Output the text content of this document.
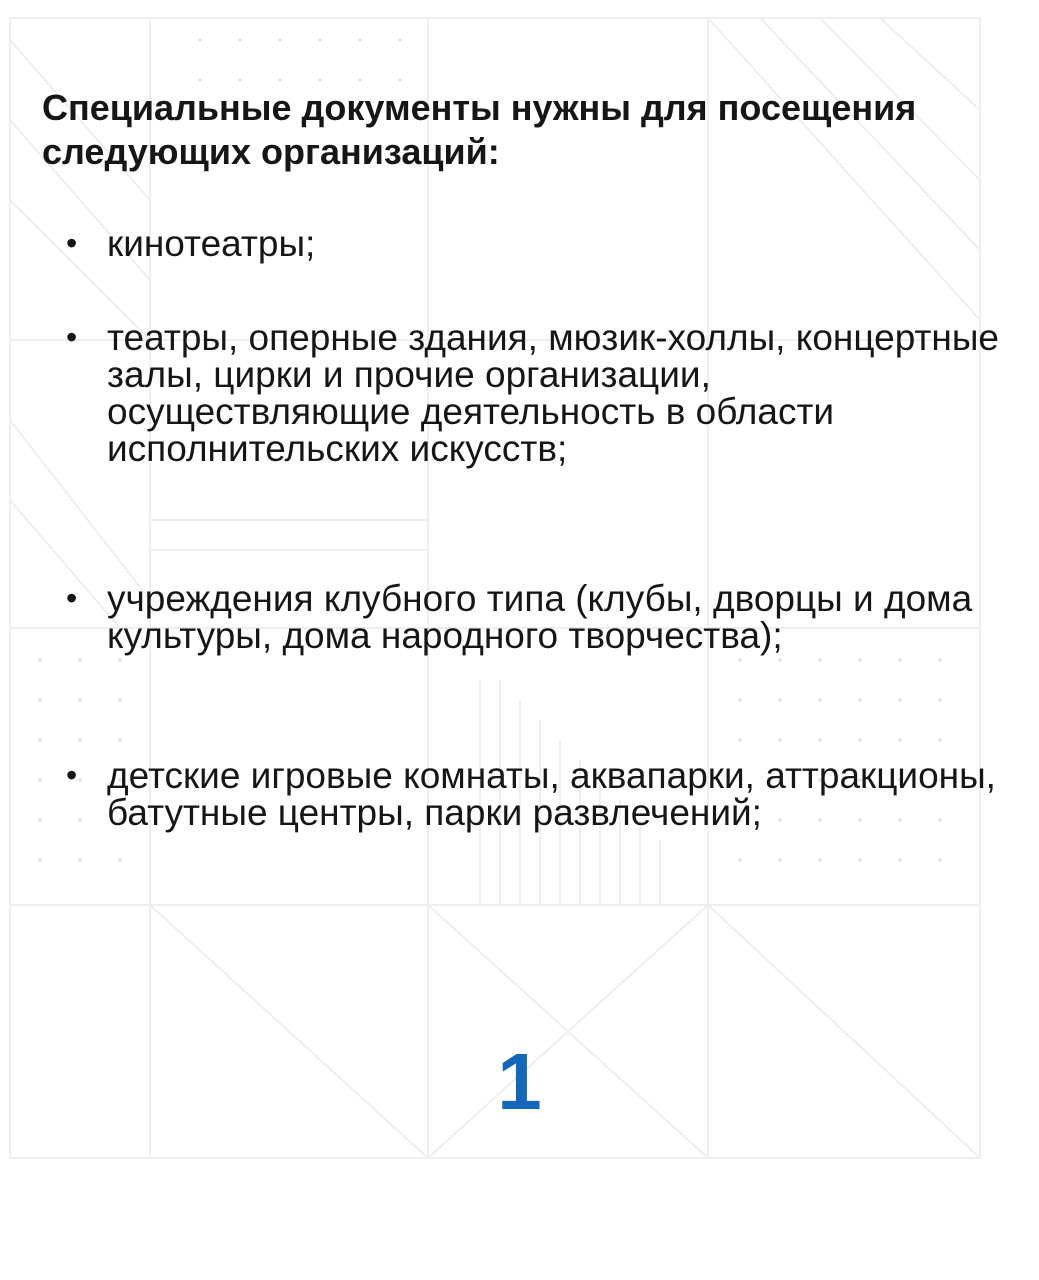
Специальные документы нужны для посещения следующих организаций:
• кинотеатры;
• театры, оперные здания, мюзик-холлы, концертные залы, цирки и прочие организации, осуществляющие деятельность в области исполнительских искусств;
• учреждения клубного типа (клубы, дворцы и дома культуры, дома народного творчества);
• детские игровые комнаты, аквапарки, аттракционы, батутные центры, парки развлечений;
1
